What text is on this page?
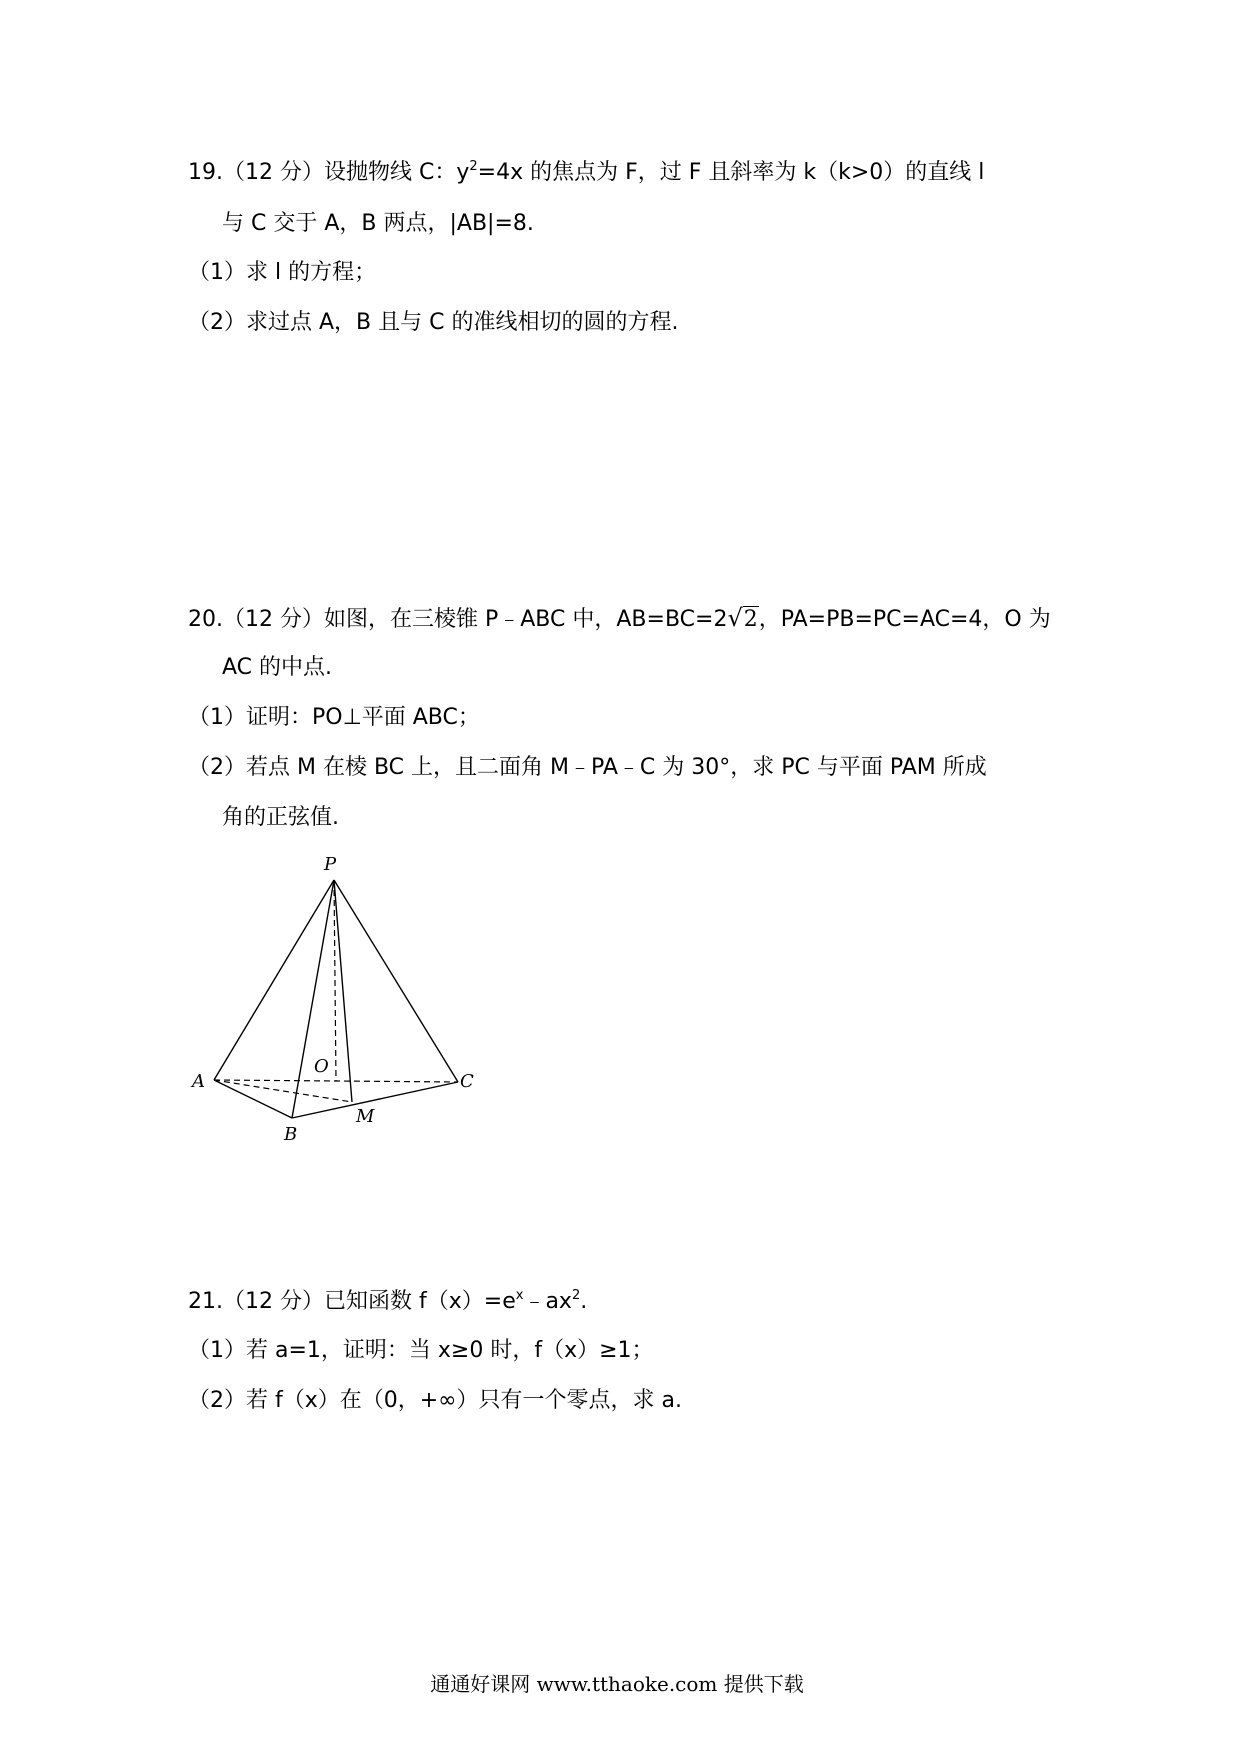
19.（12 分）设抛物线 C：$y^2=4x$ 的焦点为 F，过 F 且斜率为 k（k>0）的直线 l
与 C 交于 A，B 两点，|AB|=8.
（1）求 l 的方程；
（2）求过点 A，B 且与 C 的准线相切的圆的方程.
20.（12 分）如图，在三棱锥 P﹣ABC 中，AB=BC=2√2，PA=PB=PC=AC=4，O 为
AC 的中点.
（1）证明：PO⊥平面 ABC；
（2）若点 M 在棱 BC 上，且二面角 M﹣PA﹣C 为 30°，求 PC 与平面 PAM 所成
角的正弦值.
P
A
B
C
O
M
21.（12 分）已知函数 $f(x)=e^x﹣ax^2$.
（1）若 a=1，证明：当 x≥0 时，f（x）≥1；
（2）若 f（x）在（0，+∞）只有一个零点，求 a.
通通好课网 www.tthaoke.com 提供下载
